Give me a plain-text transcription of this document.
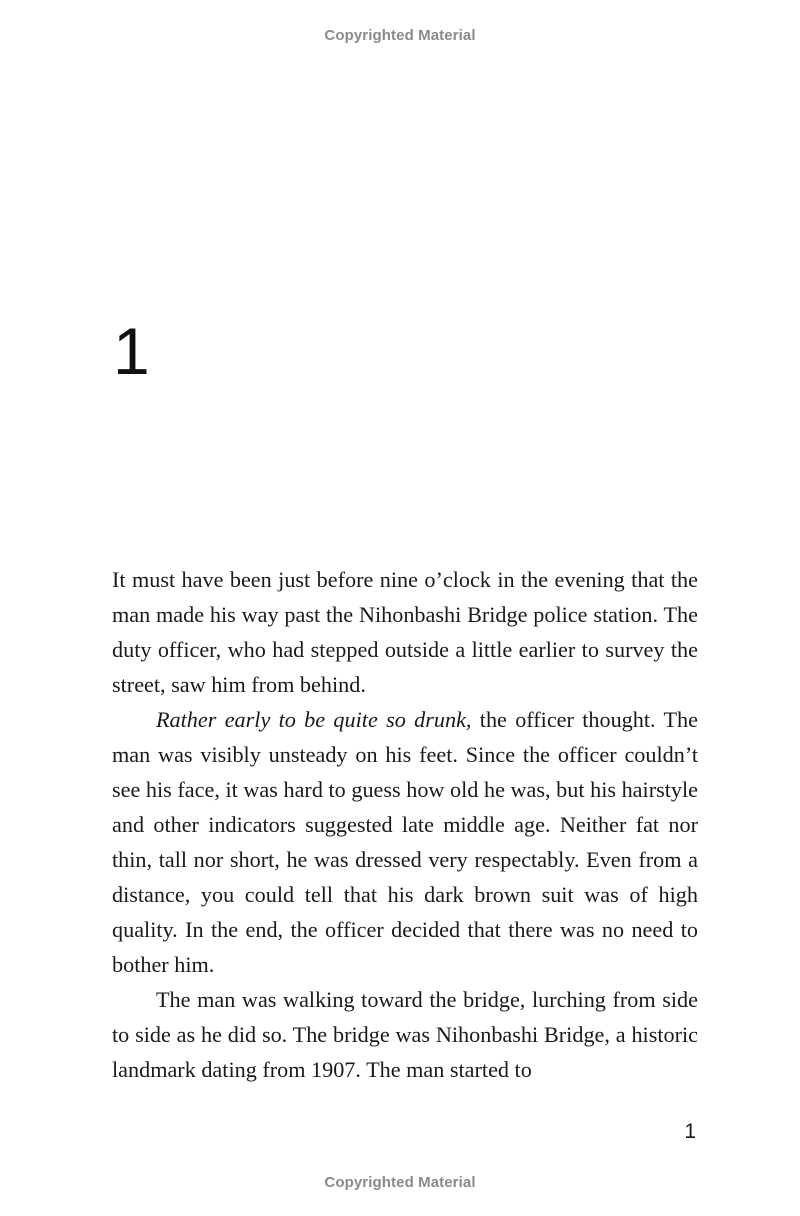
Copyrighted Material
1

It must have been just before nine o’clock in the evening that the man made his way past the Nihonbashi Bridge police station. The duty officer, who had stepped outside a little earlier to survey the street, saw him from behind.

Rather early to be quite so drunk, the officer thought. The man was visibly unsteady on his feet. Since the officer couldn’t see his face, it was hard to guess how old he was, but his hairstyle and other indicators suggested late middle age. Neither fat nor thin, tall nor short, he was dressed very respectably. Even from a distance, you could tell that his dark brown suit was of high quality. In the end, the officer decided that there was no need to bother him.

The man was walking toward the bridge, lurching from side to side as he did so. The bridge was Nihonbashi Bridge, a historic landmark dating from 1907. The man started to

1
Copyrighted Material
